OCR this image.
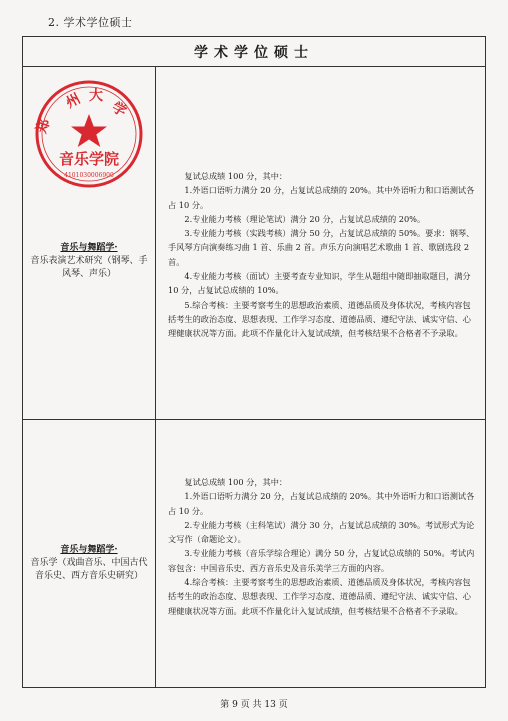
2. 学术学位硕士
学术学位硕士
州 大
学
郑
音乐学院
4101030006900
音乐与舞蹈学·
音乐表演艺术研究（钢琴、手风琴、声乐）

复试总成绩 100 分，其中：

1.外语口语听力满分 20 分，占复试总成绩的 20%。其中外语听力和口语测试各占 10 分。

2.专业能力考核（理论笔试）满分 20 分，占复试总成绩的 20%。

3.专业能力考核（实践考核）满分 50 分，占复试总成绩的 50%。要求：钢琴、手风琴方向演奏练习曲 1 首、乐曲 2 首。声乐方向演唱艺术歌曲 1 首、歌剧选段 2 首。

4.专业能力考核（面试）主要考查专业知识，学生从题组中随即抽取题目，满分 10 分，占复试总成绩的 10%。

5.综合考核：主要考察考生的思想政治素质、道德品质及身体状况，考核内容包括考生的政治态度、思想表现、工作学习态度、道德品质、遵纪守法、诚实守信、心理健康状况等方面。此项不作量化计入复试成绩，但考核结果不合格者不予录取。

音乐与舞蹈学·
音乐学（戏曲音乐、中国古代音乐史、西方音乐史研究）

复试总成绩 100 分，其中：

1.外语口语听力满分 20 分，占复试总成绩的 20%。其中外语听力和口语测试各占 10 分。

2.专业能力考核（主科笔试）满分 30 分，占复试总成绩的 30%。考试形式为论文写作（命题论文）。

3.专业能力考核（音乐学综合理论）满分 50 分，占复试总成绩的 50%。考试内容包含：中国音乐史、西方音乐史及音乐美学三方面的内容。

4.综合考核：主要考察考生的思想政治素质、道德品质及身体状况，考核内容包括考生的政治态度、思想表现、工作学习态度、道德品质、遵纪守法、诚实守信、心理健康状况等方面。此项不作量化计入复试成绩，但考核结果不合格者不予录取。

第 9 页 共 13 页
